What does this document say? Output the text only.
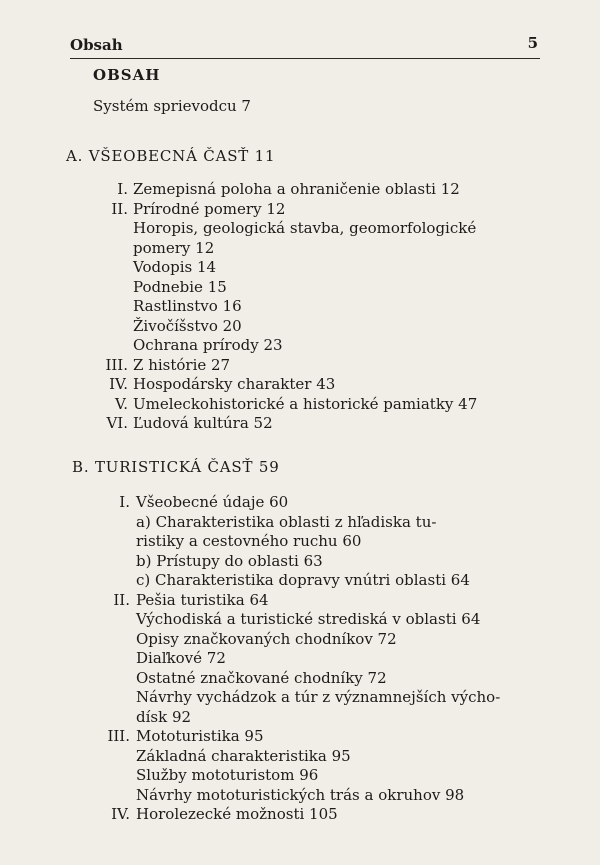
Obsah	5
OBSAH
Systém sprievodcu 7
A. VŠEOBECNÁ ČASŤ 11
I. Zemepisná poloha a ohraničenie oblasti 12
II. Prírodné pomery 12
Horopis, geologická stavba, geomorfologické
pomery 12
Vodopis 14
Podnebie 15
Rastlinstvo 16
Živočíšstvo 20
Ochrana prírody 23
III. Z histórie 27
IV. Hospodársky charakter 43
V. Umeleckohistorické a historické pamiatky 47
VI. Ľudová kultúra 52
B. TURISTICKÁ ČASŤ 59
I. Všeobecné údaje 60
a) Charakteristika oblasti z hľadiska tu-
ristiky a cestovného ruchu 60
b) Prístupy do oblasti 63
c) Charakteristika dopravy vnútri oblasti 64
II. Pešia turistika 64
Východiská a turistické strediská v oblasti 64
Opisy značkovaných chodníkov 72
Diaľkové 72
Ostatné značkované chodníky 72
Návrhy vychádzok a túr z významnejších výcho-
dísk 92
III. Mototuristika 95
Základná charakteristika 95
Služby mototuristom 96
Návrhy mototuristických trás a okruhov 98
IV. Horolezecké možnosti 105
